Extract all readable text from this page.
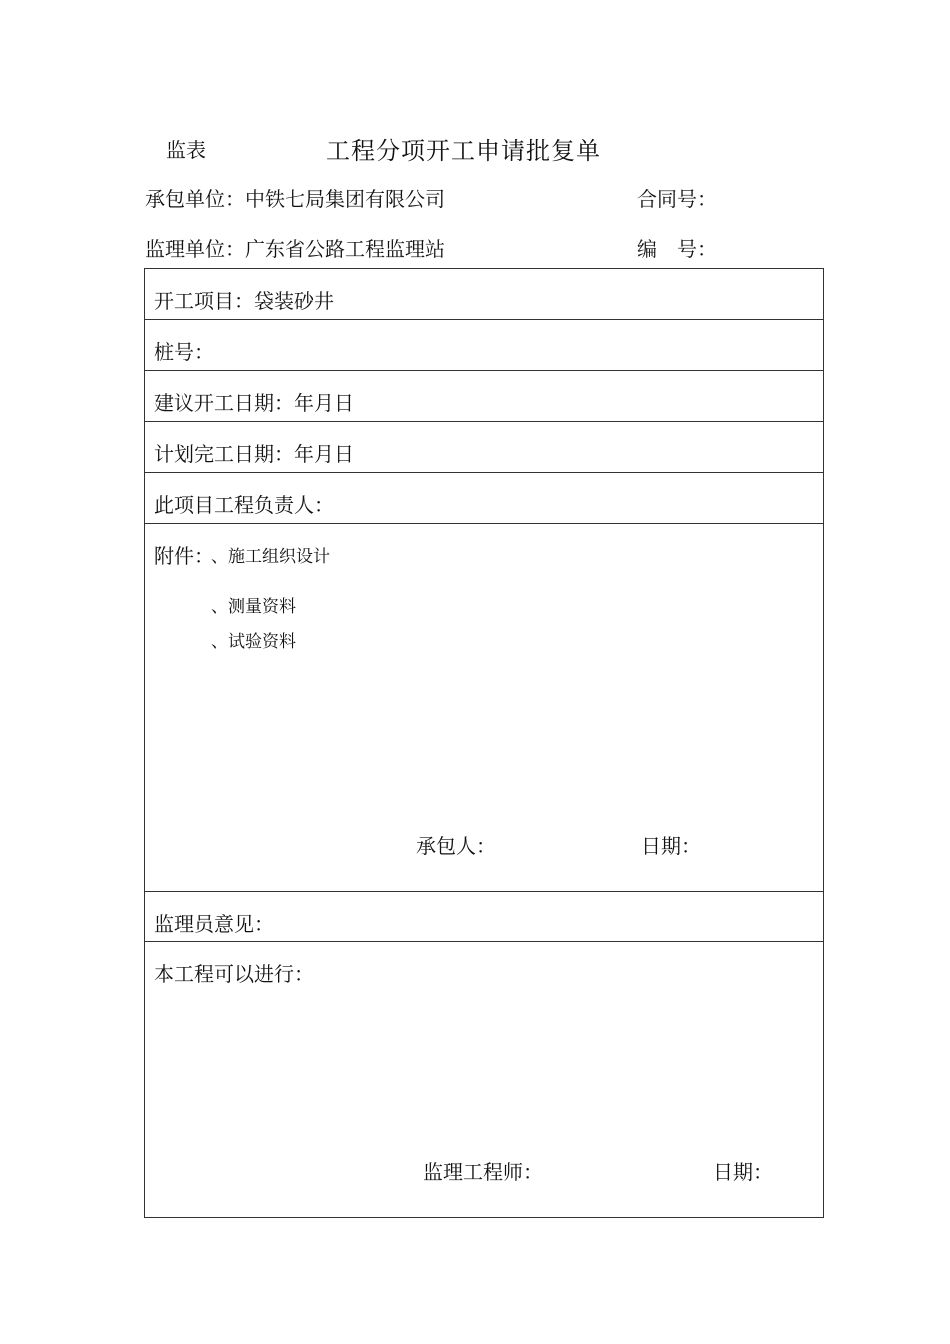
监表	工程分项开工申请批复单
承包单位：中铁七局集团有限公司	合同号：
监理单位：广东省公路工程监理站	编　号：
开工项目：袋装砂井
桩号：
建议开工日期：年月日
计划完工日期：年月日
此项目工程负责人：
附件：
、施工组织设计
、测量资料
、试验资料
承包人：	日期：
监理员意见：
本工程可以进行：
监理工程师：	日期：
